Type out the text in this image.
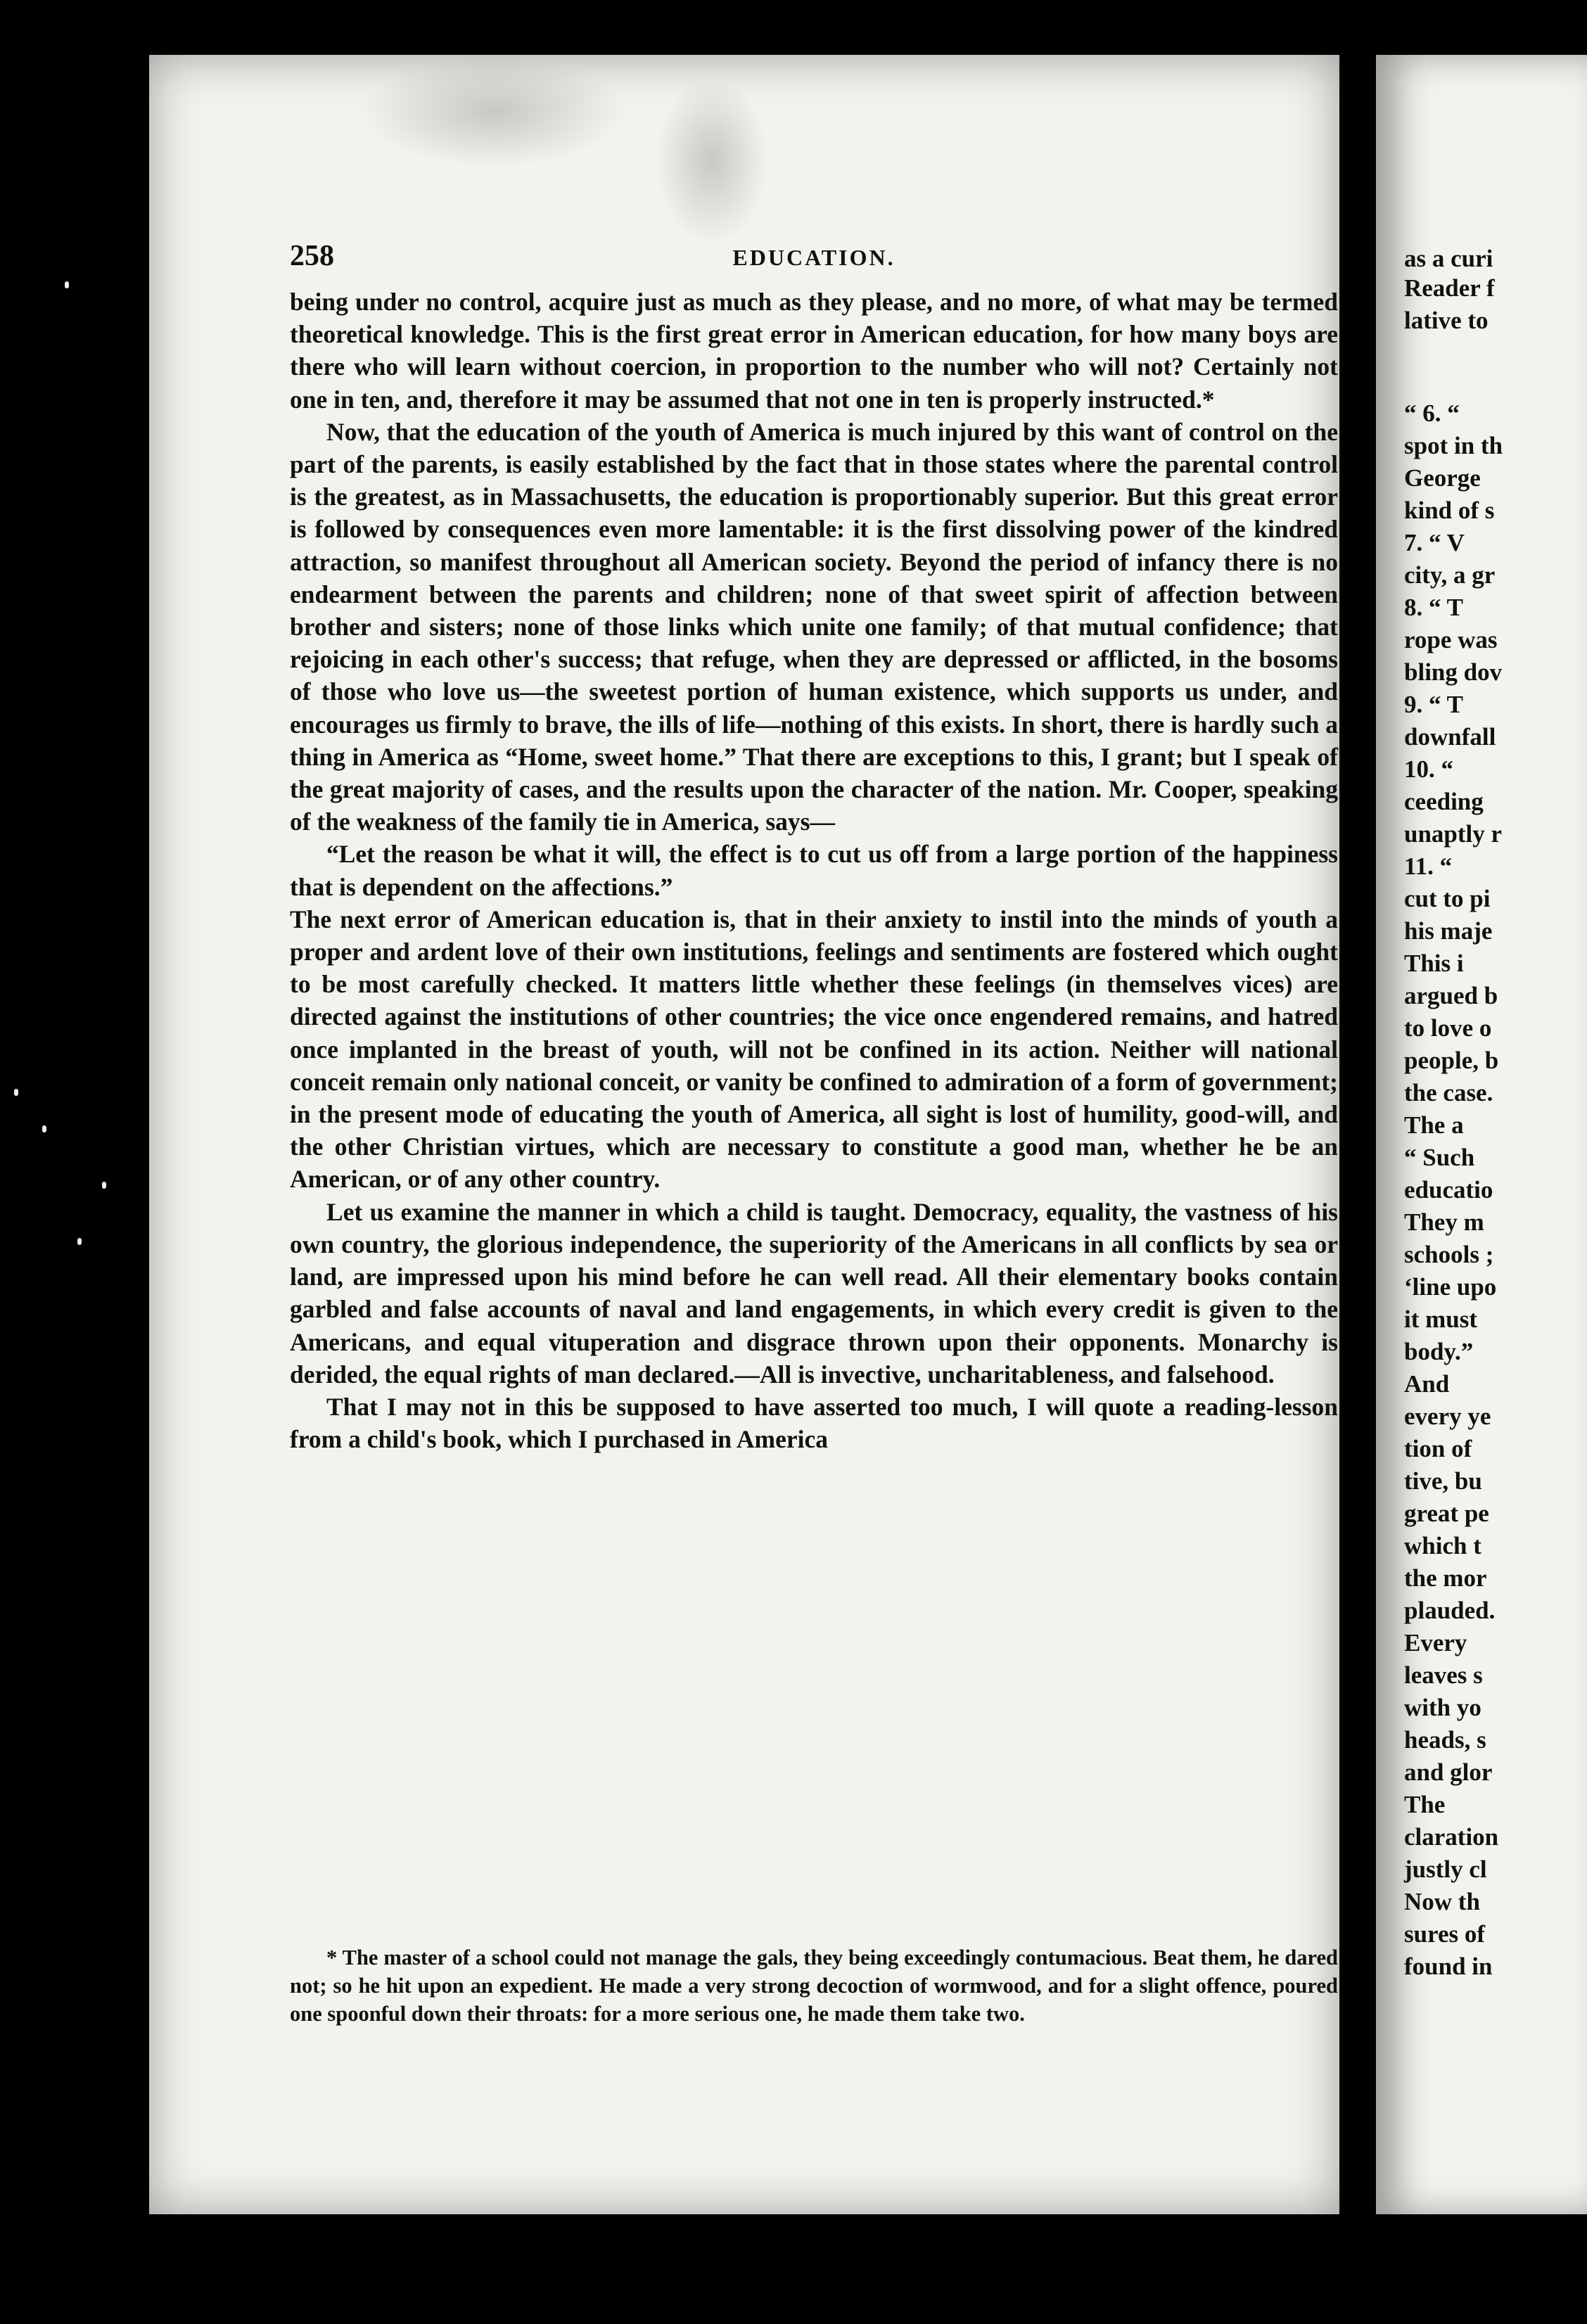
258	EDUCATION.

being under no control, acquire just as much as they please, and no more, of what may be termed theoretical knowledge. This is the first great error in American education, for how many boys are there who will learn without coercion, in proportion to the number who will not? Certainly not one in ten, and, therefore it may be assumed that not one in ten is properly instructed.*

Now, that the education of the youth of America is much injured by this want of control on the part of the parents, is easily established by the fact that in those states where the parental control is the greatest, as in Massachusetts, the education is proportionably superior. But this great error is followed by consequences even more lamentable: it is the first dissolving power of the kindred attraction, so manifest throughout all American society. Beyond the period of infancy there is no endearment between the parents and children; none of that sweet spirit of affection between brother and sisters; none of those links which unite one family; of that mutual confidence; that rejoicing in each other's success; that refuge, when they are depressed or afflicted, in the bosoms of those who love us—the sweetest portion of human existence, which supports us under, and encourages us firmly to brave, the ills of life—nothing of this exists. In short, there is hardly such a thing in America as “Home, sweet home.” That there are exceptions to this, I grant; but I speak of the great majority of cases, and the results upon the character of the nation. Mr. Cooper, speaking of the weakness of the family tie in America, says—

“Let the reason be what it will, the effect is to cut us off from a large portion of the happiness that is dependent on the affections.”

The next error of American education is, that in their anxiety to instil into the minds of youth a proper and ardent love of their own institutions, feelings and sentiments are fostered which ought to be most carefully checked. It matters little whether these feelings (in themselves vices) are directed against the institutions of other countries; the vice once engendered remains, and hatred once implanted in the breast of youth, will not be confined in its action. Neither will national conceit remain only national conceit, or vanity be confined to admiration of a form of government; in the present mode of educating the youth of America, all sight is lost of humility, good-will, and the other Christian virtues, which are necessary to constitute a good man, whether he be an American, or of any other country.

Let us examine the manner in which a child is taught. Democracy, equality, the vastness of his own country, the glorious independence, the superiority of the Americans in all conflicts by sea or land, are impressed upon his mind before he can well read. All their elementary books contain garbled and false accounts of naval and land engagements, in which every credit is given to the Americans, and equal vituperation and disgrace thrown upon their opponents. Monarchy is derided, the equal rights of man declared.—All is invective, uncharitableness, and falsehood.

That I may not in this be supposed to have asserted too much, I will quote a reading-lesson from a child's book, which I purchased in America

* The master of a school could not manage the gals, they being exceedingly contumacious. Beat them, he dared not; so he hit upon an expedient. He made a very strong decoction of wormwood, and for a slight offence, poured one spoonful down their throats: for a more serious one, he made them take two.

as a curi
Reader f
lative to
“ 6. “
spot in th
George
kind of s
7. “ V
city, a gr
8. “ T
rope was
bling dov
9. “ T
downfall
10. “
ceeding
unaptly r
11. “
cut to pi
his maje
This i
argued b
to love o
people, b
the case.
The a
“ Such
educatio
They m
schools ;
‘line upo
it must
body.”
And
every ye
tion of
tive, bu
great pe
which t
the mor
plauded.
Every
leaves s
with yo
heads, s
and glor
The
claration
justly cl
Now th
sures of
found in
